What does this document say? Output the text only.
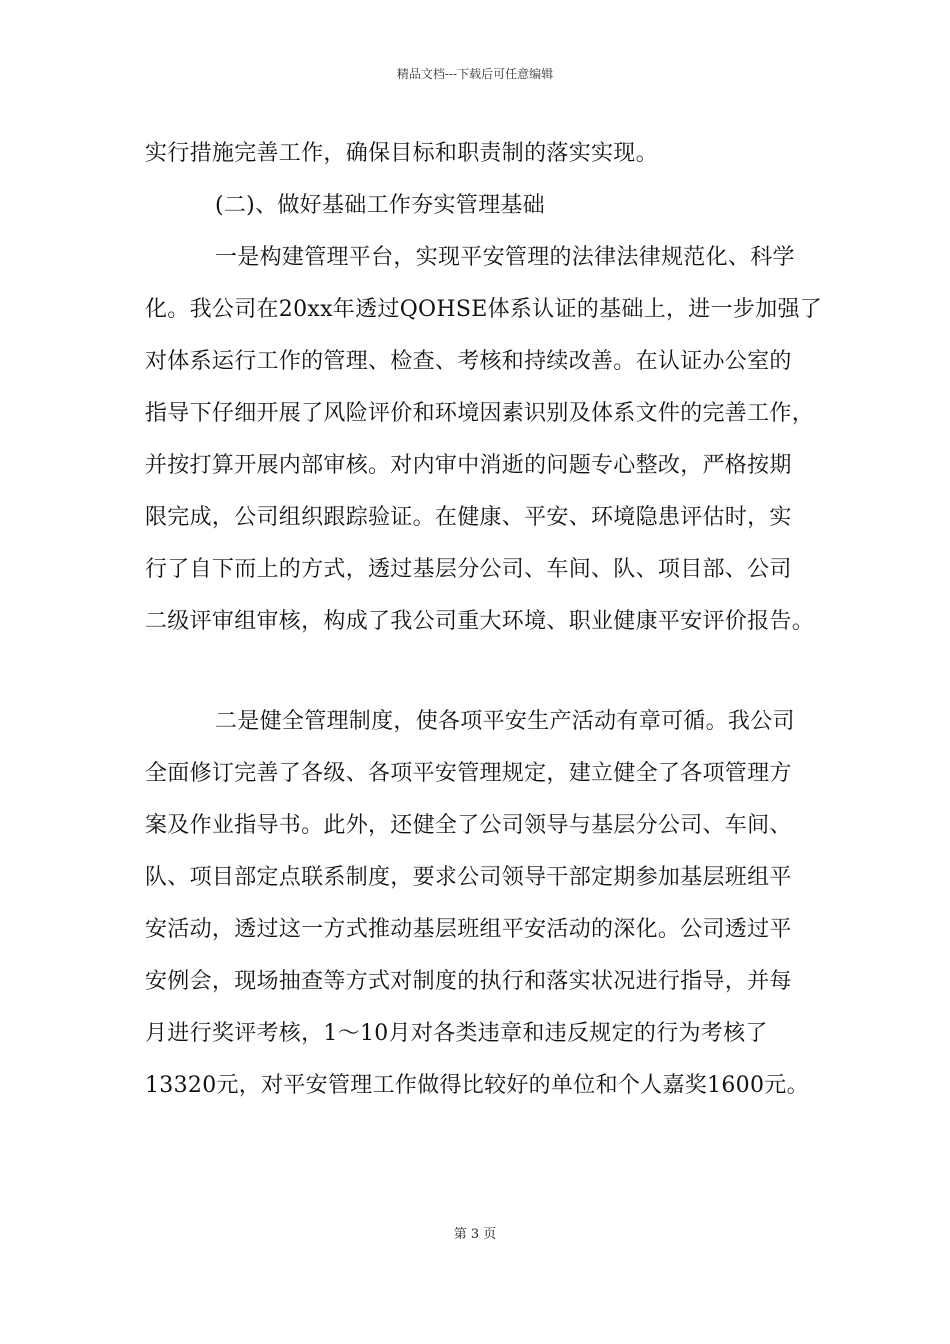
精品文档---下载后可任意编辑
实行措施完善工作，确保目标和职责制的落实实现。
(二)、做好基础工作夯实管理基础
一是构建管理平台，实现平安管理的法律法律规范化、科学
化。我公司在20xx年透过QOHSE体系认证的基础上，进一步加强了
对体系运行工作的管理、检查、考核和持续改善。在认证办公室的
指导下仔细开展了风险评价和环境因素识别及体系文件的完善工作，
并按打算开展内部审核。对内审中消逝的问题专心整改，严格按期
限完成，公司组织跟踪验证。在健康、平安、环境隐患评估时，实
行了自下而上的方式，透过基层分公司、车间、队、项目部、公司
二级评审组审核，构成了我公司重大环境、职业健康平安评价报告。
二是健全管理制度，使各项平安生产活动有章可循。我公司
全面修订完善了各级、各项平安管理规定，建立健全了各项管理方
案及作业指导书。此外，还健全了公司领导与基层分公司、车间、
队、项目部定点联系制度，要求公司领导干部定期参加基层班组平
安活动，透过这一方式推动基层班组平安活动的深化。公司透过平
安例会，现场抽查等方式对制度的执行和落实状况进行指导，并每
月进行奖评考核，1～10月对各类违章和违反规定的行为考核了
13320元，对平安管理工作做得比较好的单位和个人嘉奖1600元。
第 3 页
